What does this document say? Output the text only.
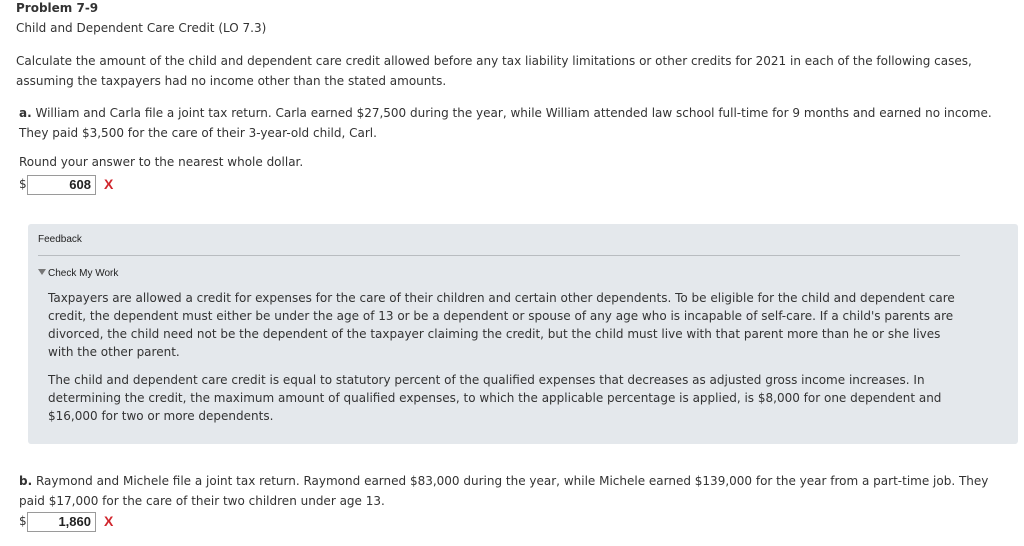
Problem 7-9
Child and Dependent Care Credit (LO 7.3)
Calculate the amount of the child and dependent care credit allowed before any tax liability limitations or other credits for 2021 in each of the following cases, assuming the taxpayers had no income other than the stated amounts.
a. William and Carla file a joint tax return. Carla earned $27,500 during the year, while William attended law school full-time for 9 months and earned no income. They paid $3,500 for the care of their 3-year-old child, Carl.
Round your answer to the nearest whole dollar.
$	608 X
Feedback
Check My Work
Taxpayers are allowed a credit for expenses for the care of their children and certain other dependents. To be eligible for the child and dependent care credit, the dependent must either be under the age of 13 or be a dependent or spouse of any age who is incapable of self-care. If a child's parents are divorced, the child need not be the dependent of the taxpayer claiming the credit, but the child must live with that parent more than he or she lives with the other parent.
The child and dependent care credit is equal to statutory percent of the qualified expenses that decreases as adjusted gross income increases. In determining the credit, the maximum amount of qualified expenses, to which the applicable percentage is applied, is $8,000 for one dependent and $16,000 for two or more dependents.
b. Raymond and Michele file a joint tax return. Raymond earned $83,000 during the year, while Michele earned $139,000 for the year from a part-time job. They paid $17,000 for the care of their two children under age 13.
$	1,860 X
